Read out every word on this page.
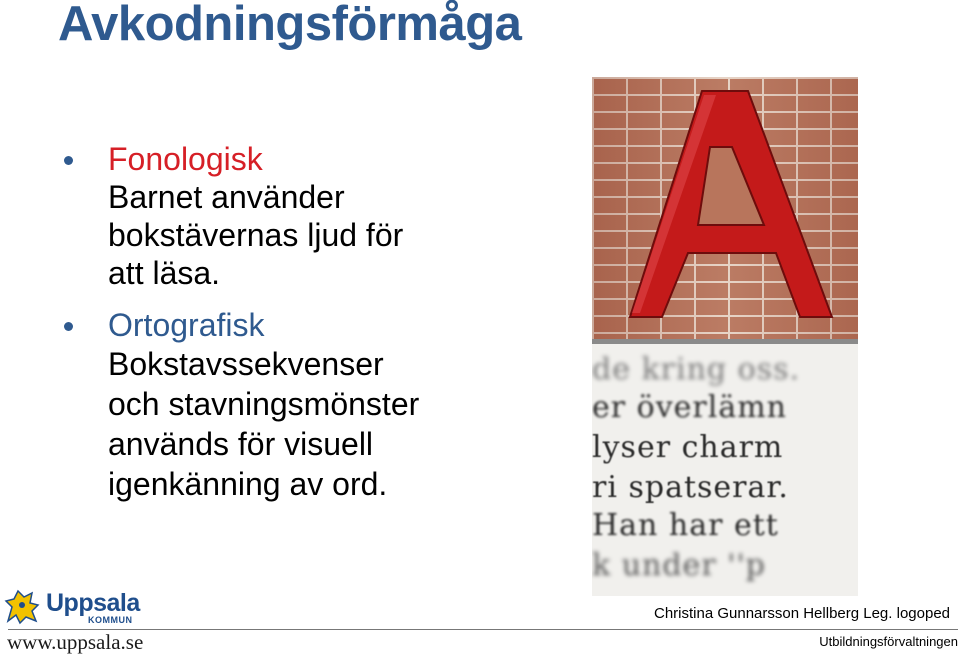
Avkodningsförmåga
Fonologisk
Barnet använder
bokstävernas ljud för
att läsa.
Ortografisk
Bokstavssekvenser
och stavningsmönster
används för visuell
igenkänning av ord.
de kring oss.
er överlämn
lyser charm
ri spatserar.
Han har ett
k under ''p
Uppsala
KOMMUN
www.uppsala.se
Christina Gunnarsson Hellberg Leg. logoped
Utbildningsförvaltningen
